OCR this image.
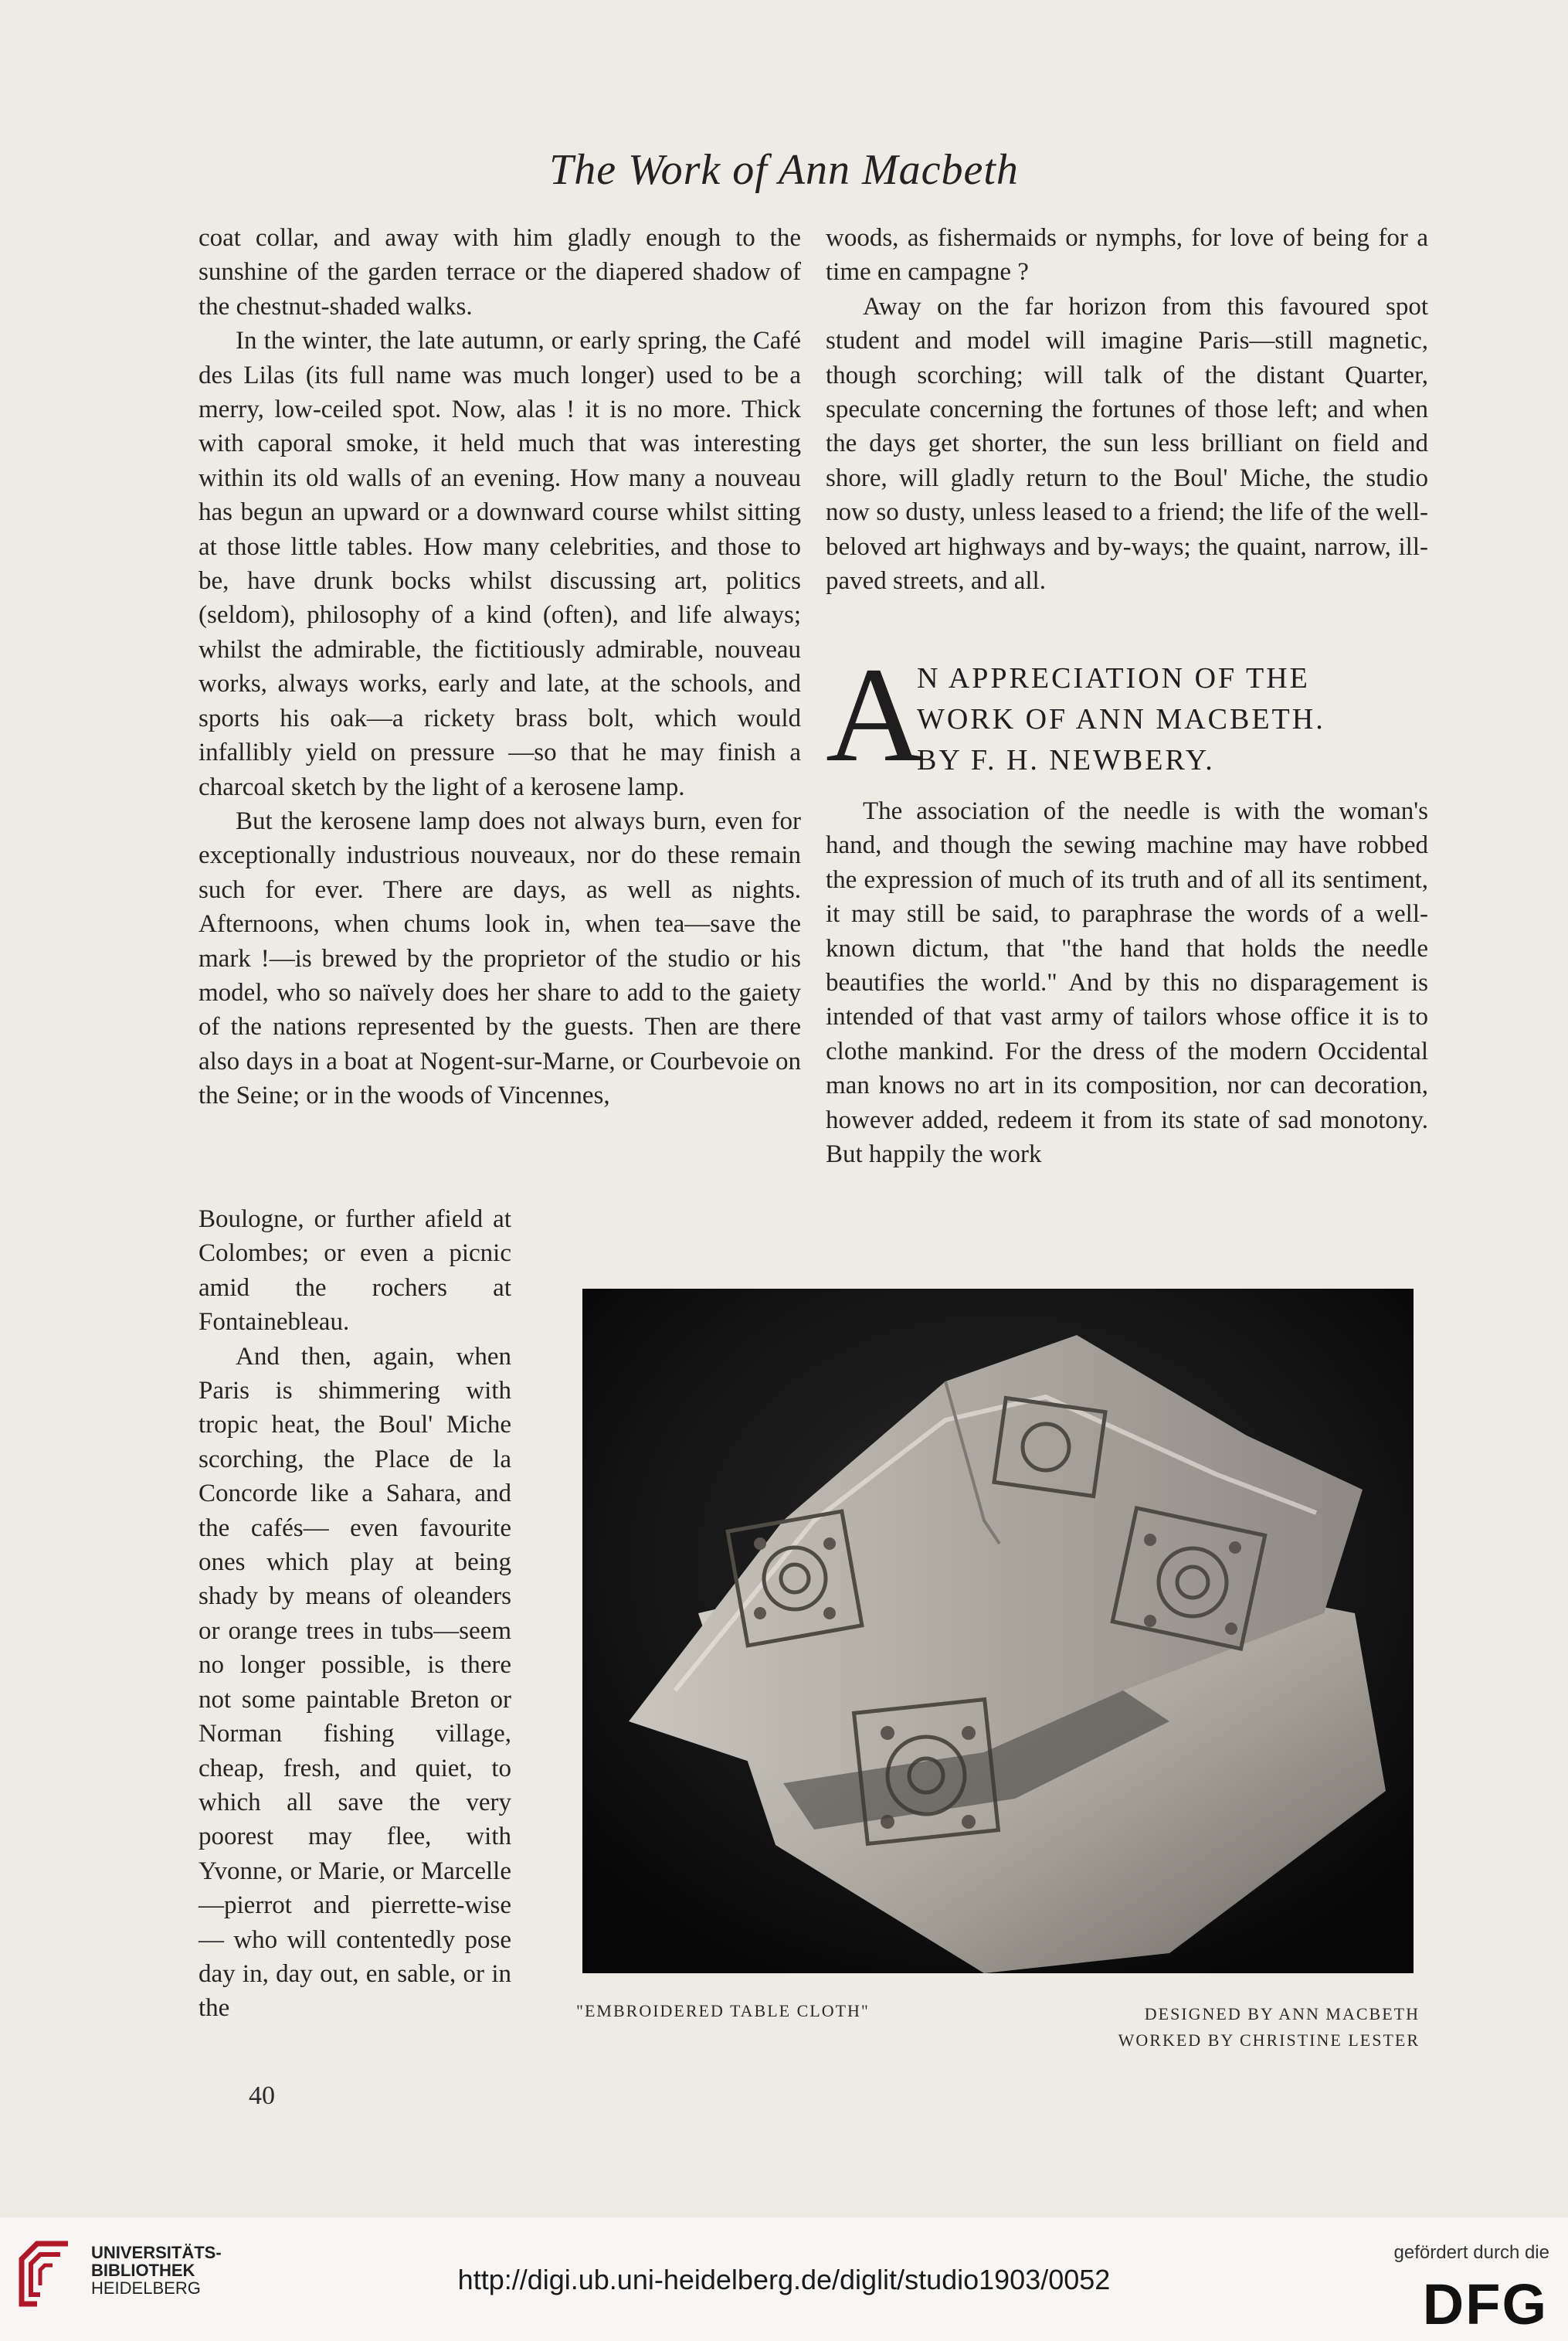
The Work of Ann Macbeth

coat collar, and away with him gladly enough to the sunshine of the garden terrace or the diapered shadow of the chestnut-shaded walks.

In the winter, the late autumn, or early spring, the Café des Lilas (its full name was much longer) used to be a merry, low-ceiled spot. Now, alas ! it is no more. Thick with caporal smoke, it held much that was interesting within its old walls of an evening. How many a nouveau has begun an upward or a downward course whilst sitting at those little tables. How many celebrities, and those to be, have drunk bocks whilst discussing art, politics (seldom), philosophy of a kind (often), and life always; whilst the admirable, the fictitiously admirable, nouveau works, always works, early and late, at the schools, and sports his oak—a rickety brass bolt, which would infallibly yield on pressure —so that he may finish a charcoal sketch by the light of a kerosene lamp.

But the kerosene lamp does not always burn, even for exceptionally industrious nouveaux, nor do these remain such for ever. There are days, as well as nights. Afternoons, when chums look in, when tea—save the mark !—is brewed by the proprietor of the studio or his model, who so naïvely does her share to add to the gaiety of the nations represented by the guests. Then are there also days in a boat at Nogent-sur-Marne, or Courbevoie on the Seine; or in the woods of Vincennes,

Boulogne, or further afield at Colombes; or even a picnic amid the rochers at Fontainebleau.

And then, again, when Paris is shimmering with tropic heat, the Boul' Miche scorching, the Place de la Concorde like a Sahara, and the cafés— even favourite ones which play at being shady by means of oleanders or orange trees in tubs—seem no longer possible, is there not some paintable Breton or Norman fishing village, cheap, fresh, and quiet, to which all save the very poorest may flee, with Yvonne, or Marie, or Marcelle—pierrot and pierrette-wise — who will contentedly pose day in, day out, en sable, or in the

woods, as fishermaids or nymphs, for love of being for a time en campagne ?

Away on the far horizon from this favoured spot student and model will imagine Paris—still magnetic, though scorching; will talk of the distant Quarter, speculate concerning the fortunes of those left; and when the days get shorter, the sun less brilliant on field and shore, will gladly return to the Boul' Miche, the studio now so dusty, unless leased to a friend; the life of the well-beloved art highways and by-ways; the quaint, narrow, ill-paved streets, and all.

A
N APPRECIATION OF THE
WORK OF ANN MACBETH.
BY F. H. NEWBERY.

The association of the needle is with the woman's hand, and though the sewing machine may have robbed the expression of much of its truth and of all its sentiment, it may still be said, to paraphrase the words of a well-known dictum, that "the hand that holds the needle beautifies the world." And by this no disparagement is intended of that vast army of tailors whose office it is to clothe mankind. For the dress of the modern Occidental man knows no art in its composition, nor can decoration, however added, redeem it from its state of sad monotony. But happily the work

"EMBROIDERED TABLE CLOTH"	DESIGNED BY ANN MACBETH
WORKED BY CHRISTINE LESTER
40
UNIVERSITÄTS-
BIBLIOTHEK
HEIDELBERG	http://digi.ub.uni-heidelberg.de/diglit/studio1903/0052
gefördert durch die
DFG
